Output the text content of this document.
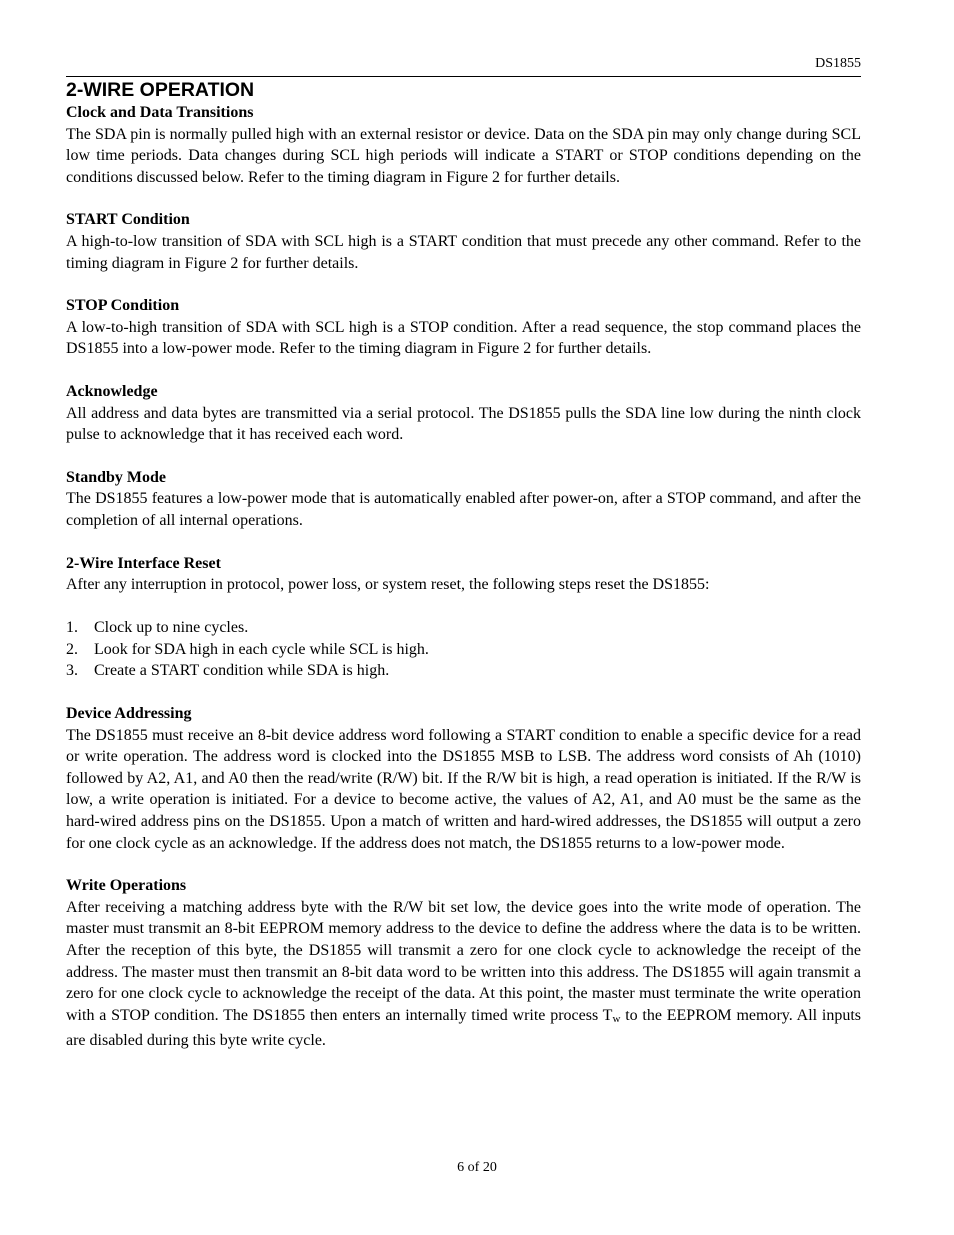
DS1855
2-WIRE OPERATION
Clock and Data Transitions

The SDA pin is normally pulled high with an external resistor or device. Data on the SDA pin may only change during SCL low time periods. Data changes during SCL high periods will indicate a START or STOP conditions depending on the conditions discussed below. Refer to the timing diagram in Figure 2 for further details.

START Condition

A high-to-low transition of SDA with SCL high is a START condition that must precede any other command. Refer to the timing diagram in Figure 2 for further details.

STOP Condition

A low-to-high transition of SDA with SCL high is a STOP condition. After a read sequence, the stop command places the DS1855 into a low-power mode. Refer to the timing diagram in Figure 2 for further details.

Acknowledge

All address and data bytes are transmitted via a serial protocol. The DS1855 pulls the SDA line low during the ninth clock pulse to acknowledge that it has received each word.

Standby Mode

The DS1855 features a low-power mode that is automatically enabled after power-on, after a STOP command, and after the completion of all internal operations.

2-Wire Interface Reset

After any interruption in protocol, power loss, or system reset, the following steps reset the DS1855:

1.	Clock up to nine cycles.
2.	Look for SDA high in each cycle while SCL is high.
3.	Create a START condition while SDA is high.
Device Addressing

The DS1855 must receive an 8-bit device address word following a START condition to enable a specific device for a read or write operation. The address word is clocked into the DS1855 MSB to LSB. The address word consists of Ah (1010) followed by A2, A1, and A0 then the read/write (R/W) bit. If the R/W bit is high, a read operation is initiated. If the R/W is low, a write operation is initiated. For a device to become active, the values of A2, A1, and A0 must be the same as the hard-wired address pins on the DS1855. Upon a match of written and hard-wired addresses, the DS1855 will output a zero for one clock cycle as an acknowledge. If the address does not match, the DS1855 returns to a low-power mode.

Write Operations

After receiving a matching address byte with the R/W bit set low, the device goes into the write mode of operation. The master must transmit an 8-bit EEPROM memory address to the device to define the address where the data is to be written. After the reception of this byte, the DS1855 will transmit a zero for one clock cycle to acknowledge the receipt of the address. The master must then transmit an 8-bit data word to be written into this address. The DS1855 will again transmit a zero for one clock cycle to acknowledge the receipt of the data. At this point, the master must terminate the write operation with a STOP condition. The DS1855 then enters an internally timed write process Tw to the EEPROM memory. All inputs are disabled during this byte write cycle.

6 of 20
